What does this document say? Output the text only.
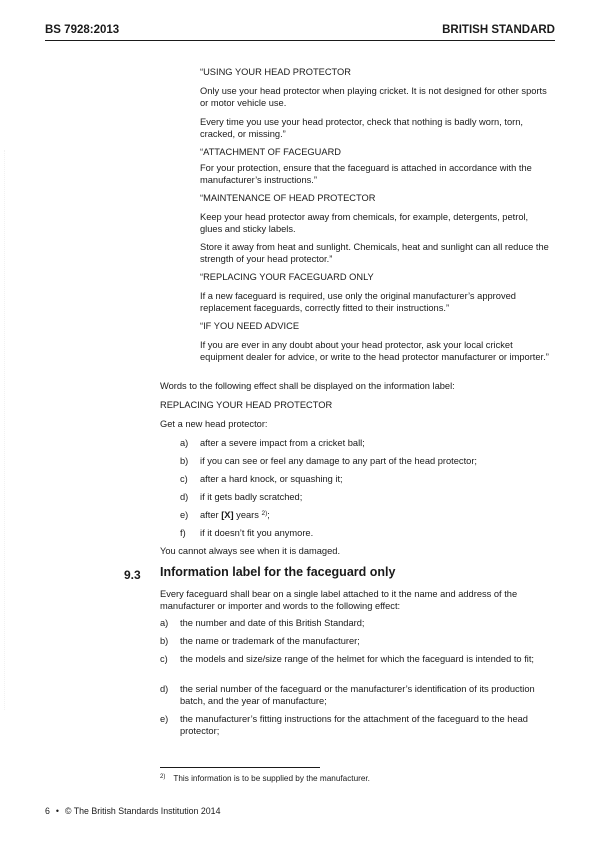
BS 7928:2013	BRITISH STANDARD

“USING YOUR HEAD PROTECTOR

Only use your head protector when playing cricket. It is not designed for other sports or motor vehicle use.

Every time you use your head protector, check that nothing is badly worn, torn, cracked, or missing.”

“ATTACHMENT OF FACEGUARD

For your protection, ensure that the faceguard is attached in accordance with the manufacturer’s instructions.”

“MAINTENANCE OF HEAD PROTECTOR

Keep your head protector away from chemicals, for example, detergents, petrol, glues and sticky labels.

Store it away from heat and sunlight. Chemicals, heat and sunlight can all reduce the strength of your head protector.”

“REPLACING YOUR FACEGUARD ONLY

If a new faceguard is required, use only the original manufacturer’s approved replacement faceguards, correctly fitted to their instructions.”

“IF YOU NEED ADVICE

If you are ever in any doubt about your head protector, ask your local cricket equipment dealer for advice, or write to the head protector manufacturer or importer.”

Words to the following effect shall be displayed on the information label:

REPLACING YOUR HEAD PROTECTOR

Get a new head protector:

a)	after a severe impact from a cricket ball;
b)	if you can see or feel any damage to any part of the head protector;
c)	after a hard knock, or squashing it;
d)	if it gets badly scratched;
e)	after [X] years $^{2)}$;
f)	if it doesn’t fit you anymore.

You cannot always see when it is damaged.

9.3 Information label for the faceguard only

Every faceguard shall bear on a single label attached to it the name and address of the manufacturer or importer and words to the following effect:

a)	the number and date of this British Standard;
b)	the name or trademark of the manufacturer;
c)	the models and size/size range of the helmet for which the faceguard is intended to fit;
d)	the serial number of the faceguard or the manufacturer’s identification of its production batch, and the year of manufacture;
e)	the manufacturer’s fitting instructions for the attachment of the faceguard to the head protector;
$^{2)}$ This information is to be supplied by the manufacturer.
6 • © The British Standards Institution 2014
